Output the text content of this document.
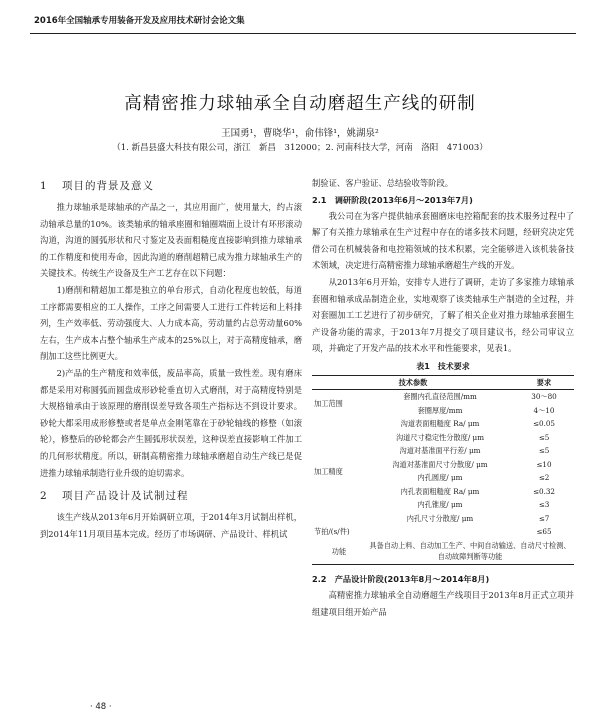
2016年全国轴承专用装备开发及应用技术研讨会论文集
高精密推力球轴承全自动磨超生产线的研制
王国勇¹，曹晓华¹，俞伟锋¹，姚湖泉²
（1. 新昌县盛大科技有限公司，浙江　新昌　312000；2. 河南科技大学，河南　洛阳　471003）
1 项目的背景及意义

推力球轴承是球轴承的产品之一，其应用面广，使用量大，约占滚动轴承总量的10%。该类轴承的轴承座圈和轴圈端面上设计有环形滚动沟道，沟道的圆弧形状和尺寸鉴定及表面粗糙度直接影响到推力球轴承的工作精度和使用寿命，因此沟道的磨削超精已成为推力球轴承生产的关键技术。传统生产设备及生产工艺存在以下问题：

1)磨削和精超加工都是独立的单台形式，自动化程度也较低，每道工序都需要相应的工人操作，工序之间需要人工进行工件转运和上料排列，生产效率低、劳动强度大、人力成本高，劳动量约占总劳动量60%左右，生产成本占整个轴承生产成本的25%以上，对于高精度轴承，磨削加工这些比例更大。

2)产品的生产精度和效率低，废品率高，质量一致性差。现有磨床都是采用对称圆弧而圆盘成形砂轮垂直切入式磨削，对于高精度特别是大规格轴承由于该原理的磨削误差导致各项生产指标达不到设计要求。砂轮大都采用成形修整或者是单点金刚笔靠在于砂轮轴线的修整（如滚轮），修整后的砂轮都会产生圆弧形状误差，这种误差直接影响工件加工的几何形状精度。所以，研制高精密推力球轴承磨超自动生产线已是促进推力球轴承制造行业升级的迫切需求。

2 项目产品设计及试制过程

该生产线从2013年6月开始调研立项，于2014年3月试制出样机，到2014年11月项目基本完成。经历了市场调研、产品设计、样机试

制验证、客户验证、总结验收等阶段。

2.1　调研阶段(2013年6月～2013年7月)

我公司在为客户提供轴承套圈磨床电控箱配套的技术服务过程中了解了有关推力球轴承在生产过程中存在的诸多技术问题，经研究决定凭借公司在机械装备和电控箱领域的技术积累，完全能够进入该机装备技术领域，决定进行高精密推力球轴承磨超生产线的开发。

从2013年6月开始，安排专人进行了调研，走访了多家推力球轴承套圈和轴承成品制造企业，实地观察了该类轴承生产制造的全过程，并对套圈加工工艺进行了初步研究，了解了相关企业对推力球轴承套圈生产设备功能的需求，于2013年7月提交了项目建议书，经公司审议立项，并确定了开发产品的技术水平和性能要求，见表1。

表1　技术要求
技术参数		要求
加工范围	套圈内孔直径范围/mm	30～80
	套圈厚度/mm	4～10
加工精度	沟道表面粗糙度 Ra/ μm	≤0.05
	沟道尺寸稳定性分散度/ μm	≤5
	沟道对基准面平行差/ μm	≤5
	沟道对基准面尺寸分散度/ μm	≤10
	内孔圆度/ μm	≤2
	内孔表面粗糙度 Ra/ μm	≤0.32
	内孔锥度/ μm	≤3
	内孔尺寸分散度/ μm	≤7
节拍/(s/件)		≤65
功能	具备自动上料、自动加工生产、中间自动输送、自动尺寸检测、自动故障判断等功能	
2.2　产品设计阶段(2013年8月～2014年8月)

高精密推力球轴承全自动磨超生产线项目于2013年8月正式立项并组建项目组开始产品

· 48 ·
